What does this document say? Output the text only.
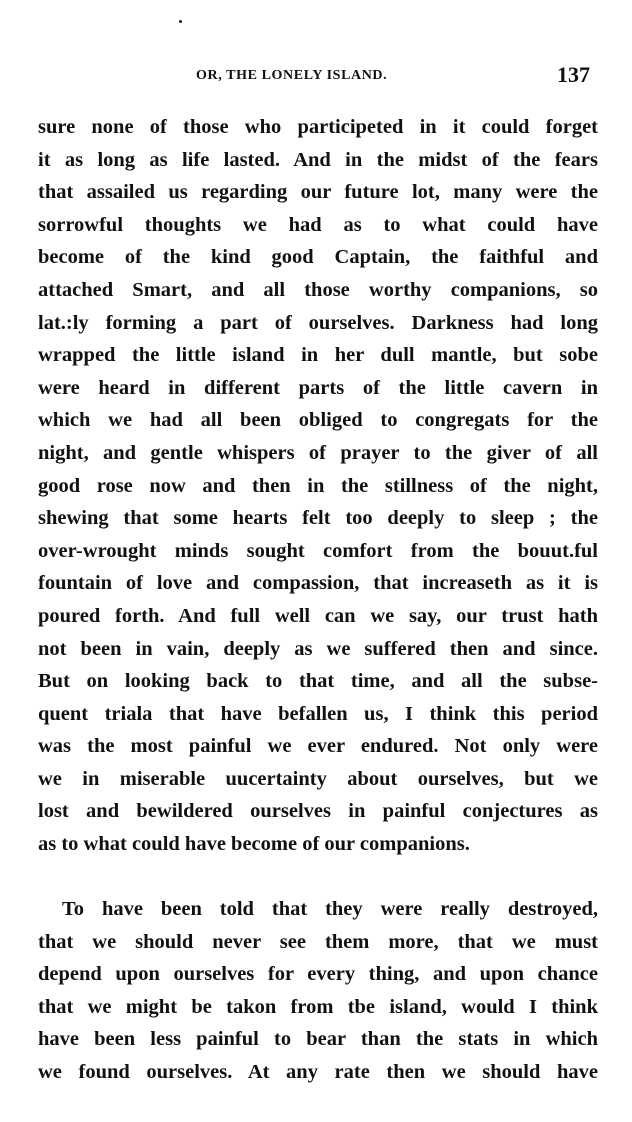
OR, THE LONELY ISLAND.	137
sure none of those who participeted in it could forget
it as long as life lasted. And in the midst of the fears
that assailed us regarding our future lot, many were the
sorrowful thoughts we had as to what could have
become of the kind good Captain, the faithful and
attached Smart, and all those worthy companions, so
lat.:ly forming a part of ourselves. Darkness had long
wrapped the little island in her dull mantle, but sobe
were heard in different parts of the little cavern in
which we had all been obliged to congregats for the
night, and gentle whispers of prayer to the giver of all
good rose now and then in the stillness of the night,
shewing that some hearts felt too deeply to sleep ; the
over-wrought minds sought comfort from the bouut.ful
fountain of love and compassion, that increaseth as it is
poured forth. And full well can we say, our trust hath
not been in vain, deeply as we suffered then and since.
But on looking back to that time, and all the subse-
quent triala that have befallen us, I think this period
was the most painful we ever endured. Not only were
we in miserable uucertainty about ourselves, but we
lost and bewildered ourselves in painful conjectures as
as to what could have become of our companions.
To have been told that they were really destroyed,
that we should never see them more, that we must
depend upon ourselves for every thing, and upon chance
that we might be takon from tbe island, would I think
have been less painful to bear than the stats in which
we found ourselves. At any rate then we should have
